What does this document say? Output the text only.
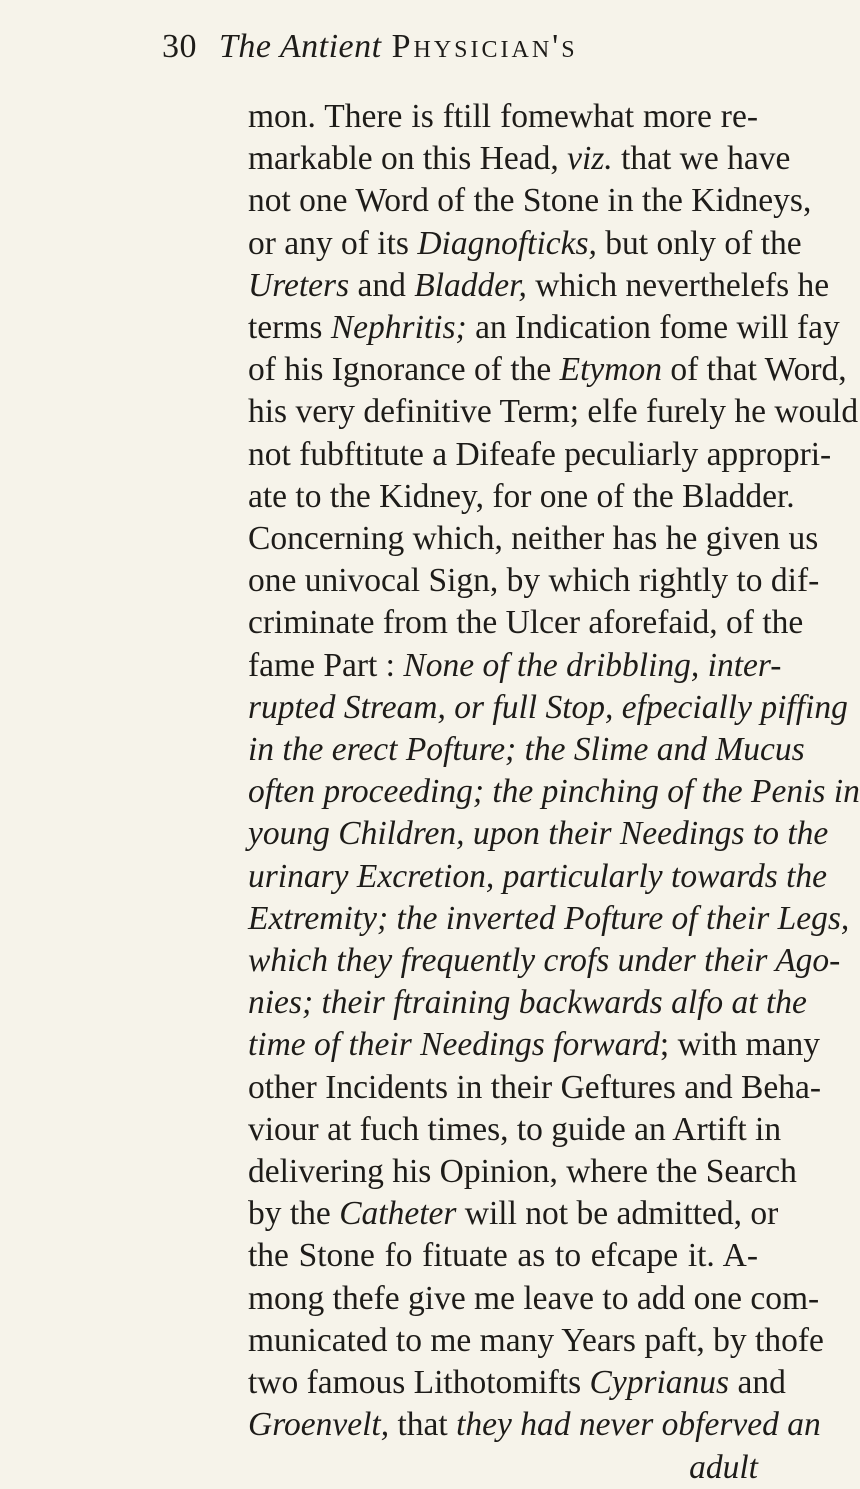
30 The Antient Physician's
mon. There is ftill fomewhat more re-
markable on this Head, viz. that we have
not one Word of the Stone in the Kidneys,
or any of its Diagnofticks, but only of the
Ureters and Bladder, which neverthelefs he
terms Nephritis; an Indication fome will fay
of his Ignorance of the Etymon of that Word,
his very definitive Term; elfe furely he would
not fubftitute a Difeafe peculiarly appropri-
ate to the Kidney, for one of the Bladder.
Concerning which, neither has he given us
one univocal Sign, by which rightly to dif-
criminate from the Ulcer aforefaid, of the
fame Part : None of the dribbling, inter-
rupted Stream, or full Stop, efpecially piffing
in the erect Pofture; the Slime and Mucus
often proceeding; the pinching of the Penis in
young Children, upon their Needings to the
urinary Excretion, particularly towards the
Extremity; the inverted Pofture of their Legs,
which they frequently crofs under their Ago-
nies; their ftraining backwards alfo at the
time of their Needings forward; with many
other Incidents in their Geftures and Beha-
viour at fuch times, to guide an Artift in
delivering his Opinion, where the Search
by the Catheter will not be admitted, or
the Stone fo fituate as to efcape it. A-
mong thefe give me leave to add one com-
municated to me many Years paft, by thofe
two famous Lithotomifts Cyprianus and
Groenvelt, that they had never obferved an
adult
